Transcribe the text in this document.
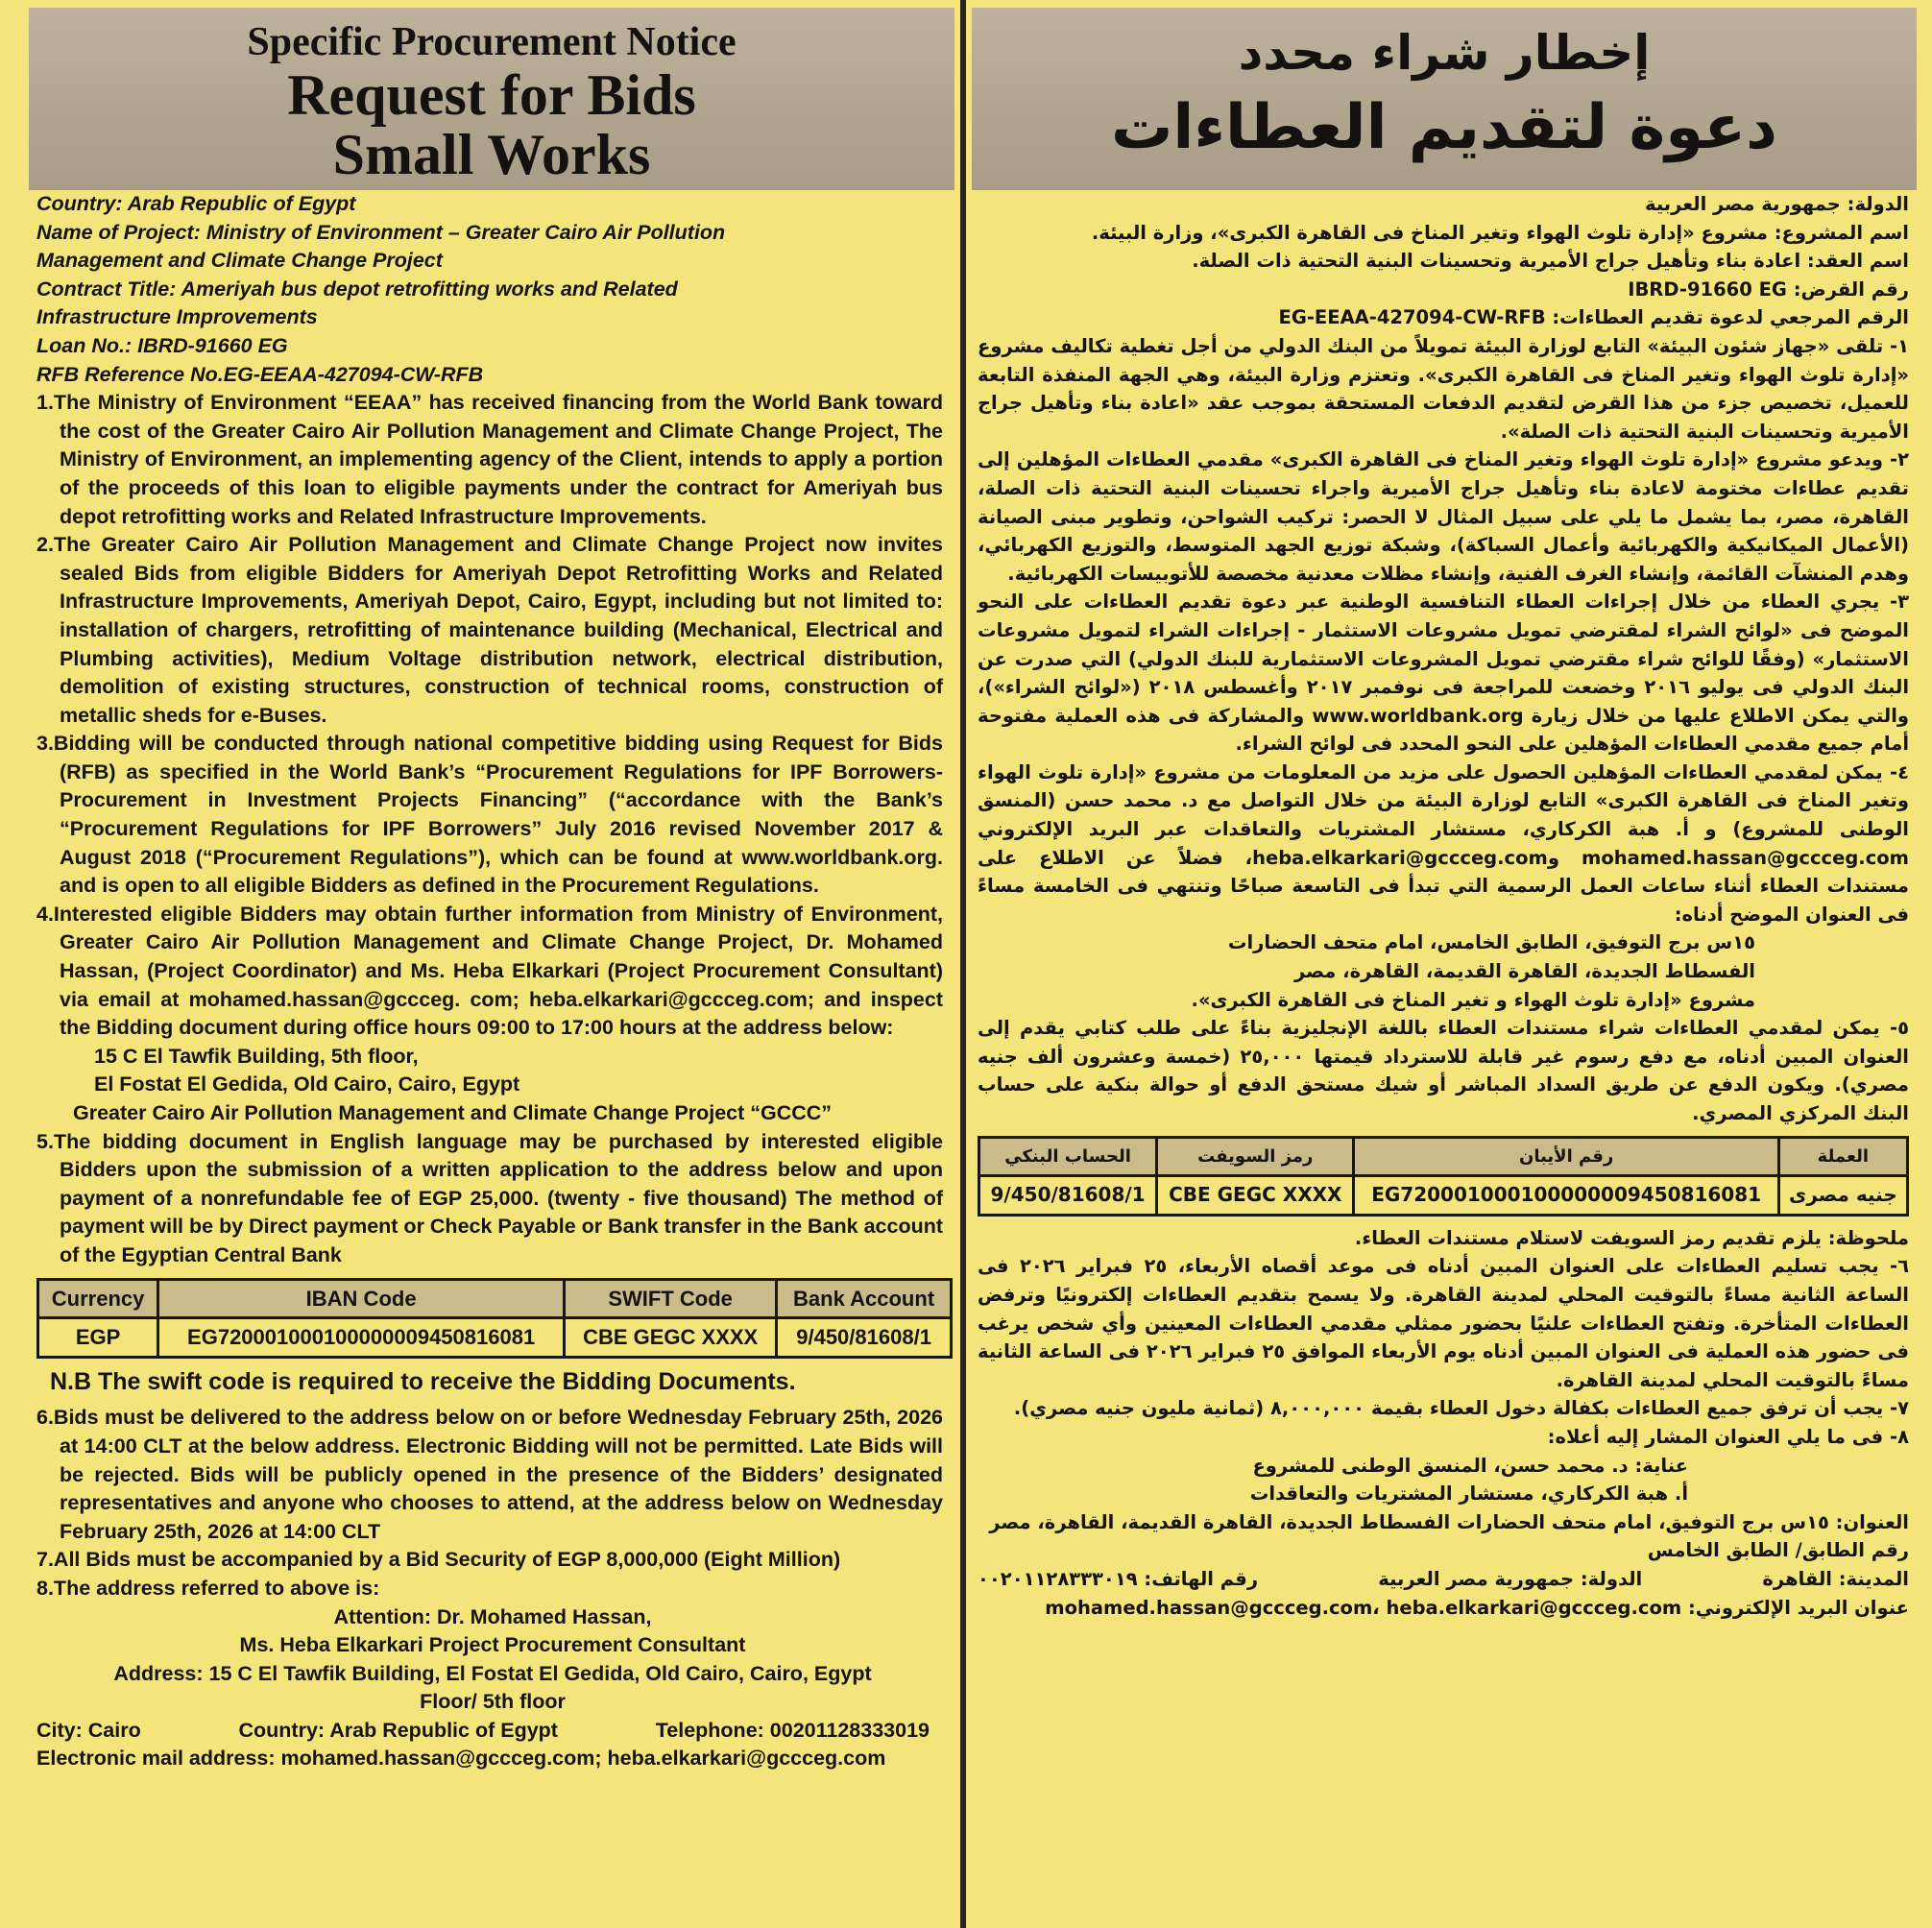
Specific Procurement Notice
Request for Bids
Small Works
Country: Arab Republic of Egypt
Name of Project: Ministry of Environment – Greater Cairo Air Pollution
Management and Climate Change Project
Contract Title: Ameriyah bus depot retrofitting works and Related
Infrastructure Improvements
Loan No.: IBRD-91660 EG
RFB Reference No.EG-EEAA-427094-CW-RFB
1.The Ministry of Environment “EEAA” has received financing from the World Bank toward the cost of the Greater Cairo Air Pollution Management and Climate Change Project, The Ministry of Environment, an implementing agency of the Client, intends to apply a portion of the proceeds of this loan to eligible payments under the contract for Ameriyah bus depot retrofitting works and Related Infrastructure Improvements.
2.The Greater Cairo Air Pollution Management and Climate Change Project now invites sealed Bids from eligible Bidders for Ameriyah Depot Retrofitting Works and Related Infrastructure Improvements, Ameriyah Depot, Cairo, Egypt, including but not limited to: installation of chargers, retrofitting of maintenance building (Mechanical, Electrical and Plumbing activities), Medium Voltage distribution network, electrical distribution, demolition of existing structures, construction of technical rooms, construction of metallic sheds for e-Buses.
3.Bidding will be conducted through national competitive bidding using Request for Bids (RFB) as specified in the World Bank’s “Procurement Regulations for IPF Borrowers- Procurement in Investment Projects Financing” (“accordance with the Bank’s “Procurement Regulations for IPF Borrowers” July 2016 revised November 2017 & August 2018 (“Procurement Regulations”), which can be found at www.worldbank.org. and is open to all eligible Bidders as defined in the Procurement Regulations.
4.Interested eligible Bidders may obtain further information from Ministry of Environment, Greater Cairo Air Pollution Management and Climate Change Project, Dr. Mohamed Hassan, (Project Coordinator) and Ms. Heba Elkarkari (Project Procurement Consultant) via email at mohamed.hassan@gccceg. com; heba.elkarkari@gccceg.com; and inspect the Bidding document during office hours 09:00 to 17:00 hours at the address below:
15 C El Tawfik Building, 5th floor,
El Fostat El Gedida, Old Cairo, Cairo, Egypt
Greater Cairo Air Pollution Management and Climate Change Project “GCCC”
5.The bidding document in English language may be purchased by interested eligible Bidders upon the submission of a written application to the address below and upon payment of a nonrefundable fee of EGP 25,000. (twenty - five thousand) The method of payment will be by Direct payment or Check Payable or Bank transfer in the Bank account of the Egyptian Central Bank
Currency	IBAN Code	SWIFT Code	Bank Account
EGP	EG720001000100000009450816081	CBE GEGC XXXX	9/450/81608/1
N.B The swift code is required to receive the Bidding Documents.
6.Bids must be delivered to the address below on or before Wednesday February 25th, 2026 at 14:00 CLT at the below address. Electronic Bidding will not be permitted. Late Bids will be rejected. Bids will be publicly opened in the presence of the Bidders’ designated representatives and anyone who chooses to attend, at the address below on Wednesday February 25th, 2026 at 14:00 CLT
7.All Bids must be accompanied by a Bid Security of EGP 8,000,000 (Eight Million)
8.The address referred to above is:
Attention: Dr. Mohamed Hassan,
Ms. Heba Elkarkari Project Procurement Consultant
Address: 15 C El Tawfik Building, El Fostat El Gedida, Old Cairo, Cairo, Egypt
Floor/ 5th floor
City: Cairo	Country: Arab Republic of Egypt	Telephone: 00201128333019
Electronic mail address: mohamed.hassan@gccceg.com; heba.elkarkari@gccceg.com
إخطار شراء محدد
دعوة لتقديم العطاءات
الدولة: جمهورية مصر العربية
اسم المشروع: مشروع «إدارة تلوث الهواء وتغير المناخ فى القاهرة الكبرى»، وزارة البيئة.
اسم العقد: اعادة بناء وتأهيل جراج الأميرية وتحسينات البنية التحتية ذات الصلة.
رقم القرض: IBRD-91660 EG
الرقم المرجعي لدعوة تقديم العطاءات: EG-EEAA-427094-CW-RFB
١- تلقى «جهاز شئون البيئة» التابع لوزارة البيئة تمويلاً من البنك الدولي من أجل تغطية تكاليف مشروع «إدارة تلوث الهواء وتغير المناخ فى القاهرة الكبرى». وتعتزم وزارة البيئة، وهي الجهة المنفذة التابعة للعميل، تخصيص جزء من هذا القرض لتقديم الدفعات المستحقة بموجب عقد «اعادة بناء وتأهيل جراج الأميرية وتحسينات البنية التحتية ذات الصلة».
٢- ويدعو مشروع «إدارة تلوث الهواء وتغير المناخ فى القاهرة الكبرى» مقدمي العطاءات المؤهلين إلى تقديم عطاءات مختومة لاعادة بناء وتأهيل جراج الأميرية واجراء تحسينات البنية التحتية ذات الصلة، القاهرة، مصر، بما يشمل ما يلي على سبيل المثال لا الحصر: تركيب الشواحن، وتطوير مبنى الصيانة (الأعمال الميكانيكية والكهربائية وأعمال السباكة)، وشبكة توزيع الجهد المتوسط، والتوزيع الكهربائي، وهدم المنشآت القائمة، وإنشاء الغرف الفنية، وإنشاء مظلات معدنية مخصصة للأتوبيسات الكهربائية.
٣- يجري العطاء من خلال إجراءات العطاء التنافسية الوطنية عبر دعوة تقديم العطاءات على النحو الموضح فى «لوائح الشراء لمقترضي تمويل مشروعات الاستثمار - إجراءات الشراء لتمويل مشروعات الاستثمار» (وفقًا للوائح شراء مقترضي تمويل المشروعات الاستثمارية للبنك الدولي) التي صدرت عن البنك الدولي فى يوليو ٢٠١٦ وخضعت للمراجعة فى نوفمبر ٢٠١٧ وأغسطس ٢٠١٨ («لوائح الشراء»)، والتي يمكن الاطلاع عليها من خلال زيارة www.worldbank.org والمشاركة فى هذه العملية مفتوحة أمام جميع مقدمي العطاءات المؤهلين على النحو المحدد فى لوائح الشراء.
٤- يمكن لمقدمي العطاءات المؤهلين الحصول على مزيد من المعلومات من مشروع «إدارة تلوث الهواء وتغير المناخ فى القاهرة الكبرى» التابع لوزارة البيئة من خلال التواصل مع د. محمد حسن (المنسق الوطنى للمشروع) و أ. هبة الكركاري، مستشار المشتريات والتعاقدات عبر البريد الإلكتروني mohamed.hassan@gccceg.com وheba.elkarkari@gccceg.com، فضلاً عن الاطلاع على مستندات العطاء أثناء ساعات العمل الرسمية التي تبدأ فى التاسعة صباحًا وتنتهي فى الخامسة مساءً فى العنوان الموضح أدناه:
١٥س برج التوفيق، الطابق الخامس، امام متحف الحضارات
الفسطاط الجديدة، القاهرة القديمة، القاهرة، مصر
مشروع «إدارة تلوث الهواء و تغير المناخ فى القاهرة الكبرى».
٥- يمكن لمقدمي العطاءات شراء مستندات العطاء باللغة الإنجليزية بناءً على طلب كتابي يقدم إلى العنوان المبين أدناه، مع دفع رسوم غير قابلة للاسترداد قيمتها ٢٥,٠٠٠ (خمسة وعشرون ألف جنيه مصري). ويكون الدفع عن طريق السداد المباشر أو شيك مستحق الدفع أو حوالة بنكية على حساب البنك المركزي المصري.
العملة	رقم الأيبان	رمز السويفت	الحساب البنكي
جنيه مصرى	EG720001000100000009450816081	CBE GEGC XXXX	9/450/81608/1
ملحوظة: يلزم تقديم رمز السويفت لاستلام مستندات العطاء.
٦- يجب تسليم العطاءات على العنوان المبين أدناه فى موعد أقصاه الأربعاء، ٢٥ فبراير ٢٠٢٦ فى الساعة الثانية مساءً بالتوقيت المحلي لمدينة القاهرة. ولا يسمح بتقديم العطاءات إلكترونيًا وترفض العطاءات المتأخرة. وتفتح العطاءات علنيًا بحضور ممثلي مقدمي العطاءات المعينين وأي شخص يرغب فى حضور هذه العملية فى العنوان المبين أدناه يوم الأربعاء الموافق ٢٥ فبراير ٢٠٢٦ فى الساعة الثانية مساءً بالتوقيت المحلي لمدينة القاهرة.
٧- يجب أن ترفق جميع العطاءات بكفالة دخول العطاء بقيمة ٨,٠٠٠,٠٠٠ (ثمانية مليون جنيه مصري).
٨- فى ما يلي العنوان المشار إليه أعلاه:
عناية: د. محمد حسن، المنسق الوطنى للمشروع
أ. هبة الكركاري، مستشار المشتريات والتعاقدات
العنوان: ١٥س برج التوفيق، امام متحف الحضارات الفسطاط الجديدة، القاهرة القديمة، القاهرة، مصر
رقم الطابق/ الطابق الخامس
المدينة: القاهرة
الدولة: جمهورية مصر العربية
رقم الهاتف: ٠٠٢٠١١٢٨٣٣٣٠١٩
عنوان البريد الإلكتروني: mohamed.hassan@gccceg.com، heba.elkarkari@gccceg.com
